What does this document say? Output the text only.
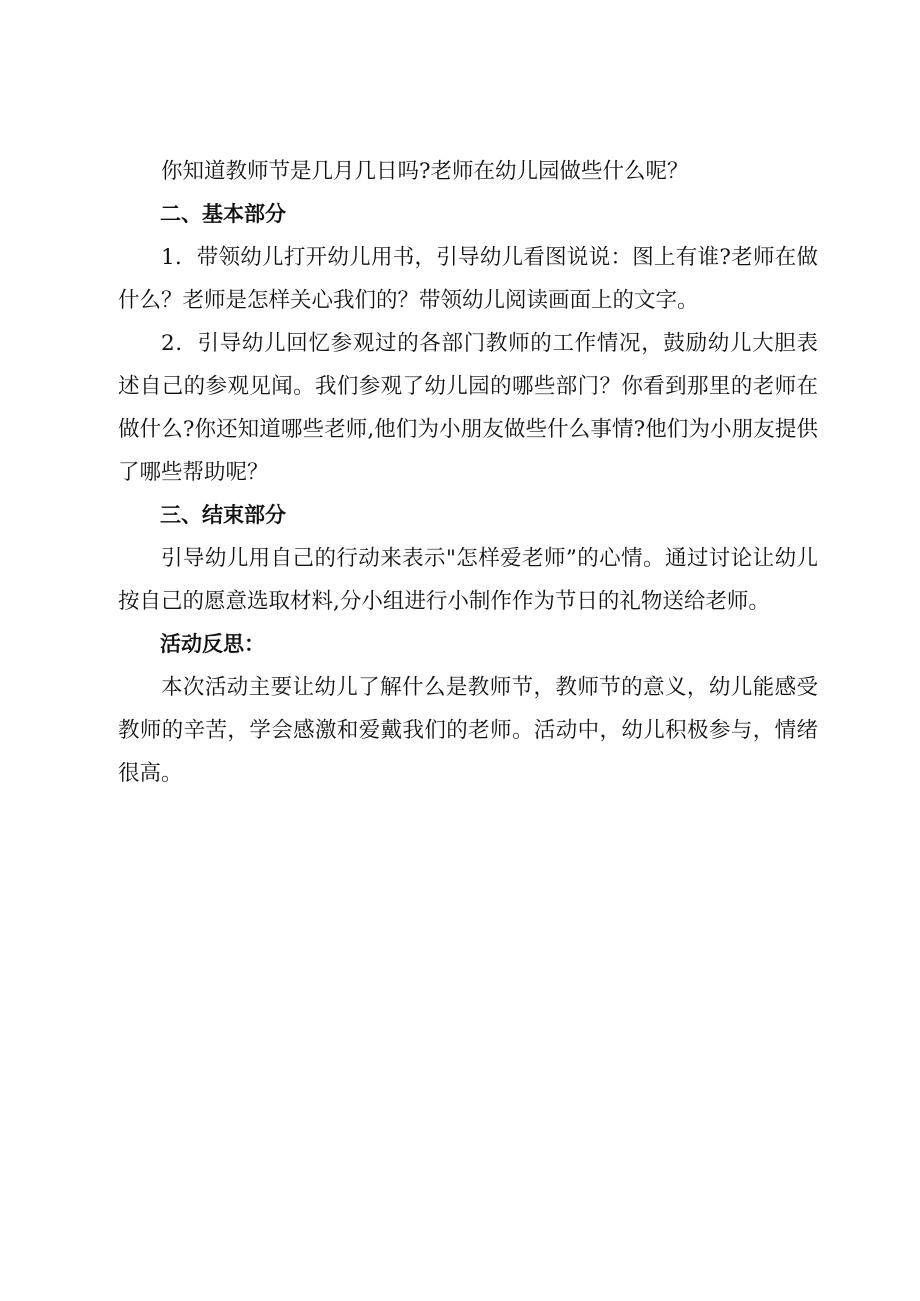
你知道教师节是几月几日吗?老师在幼儿园做些什么呢？

二、基本部分

1．带领幼儿打开幼儿用书，引导幼儿看图说说：图上有谁?老师在做什么？老师是怎样关心我们的？带领幼儿阅读画面上的文字。

2．引导幼儿回忆参观过的各部门教师的工作情况，鼓励幼儿大胆表述自己的参观见闻。我们参观了幼儿园的哪些部门？你看到那里的老师在做什么?你还知道哪些老师,他们为小朋友做些什么事情?他们为小朋友提供了哪些帮助呢？

三、结束部分

引导幼儿用自己的行动来表示"怎样爱老师”的心情。通过讨论让幼儿按自己的愿意选取材料,分小组进行小制作作为节日的礼物送给老师。

活动反思：

本次活动主要让幼儿了解什么是教师节，教师节的意义，幼儿能感受教师的辛苦，学会感激和爱戴我们的老师。活动中，幼儿积极参与，情绪很高。
